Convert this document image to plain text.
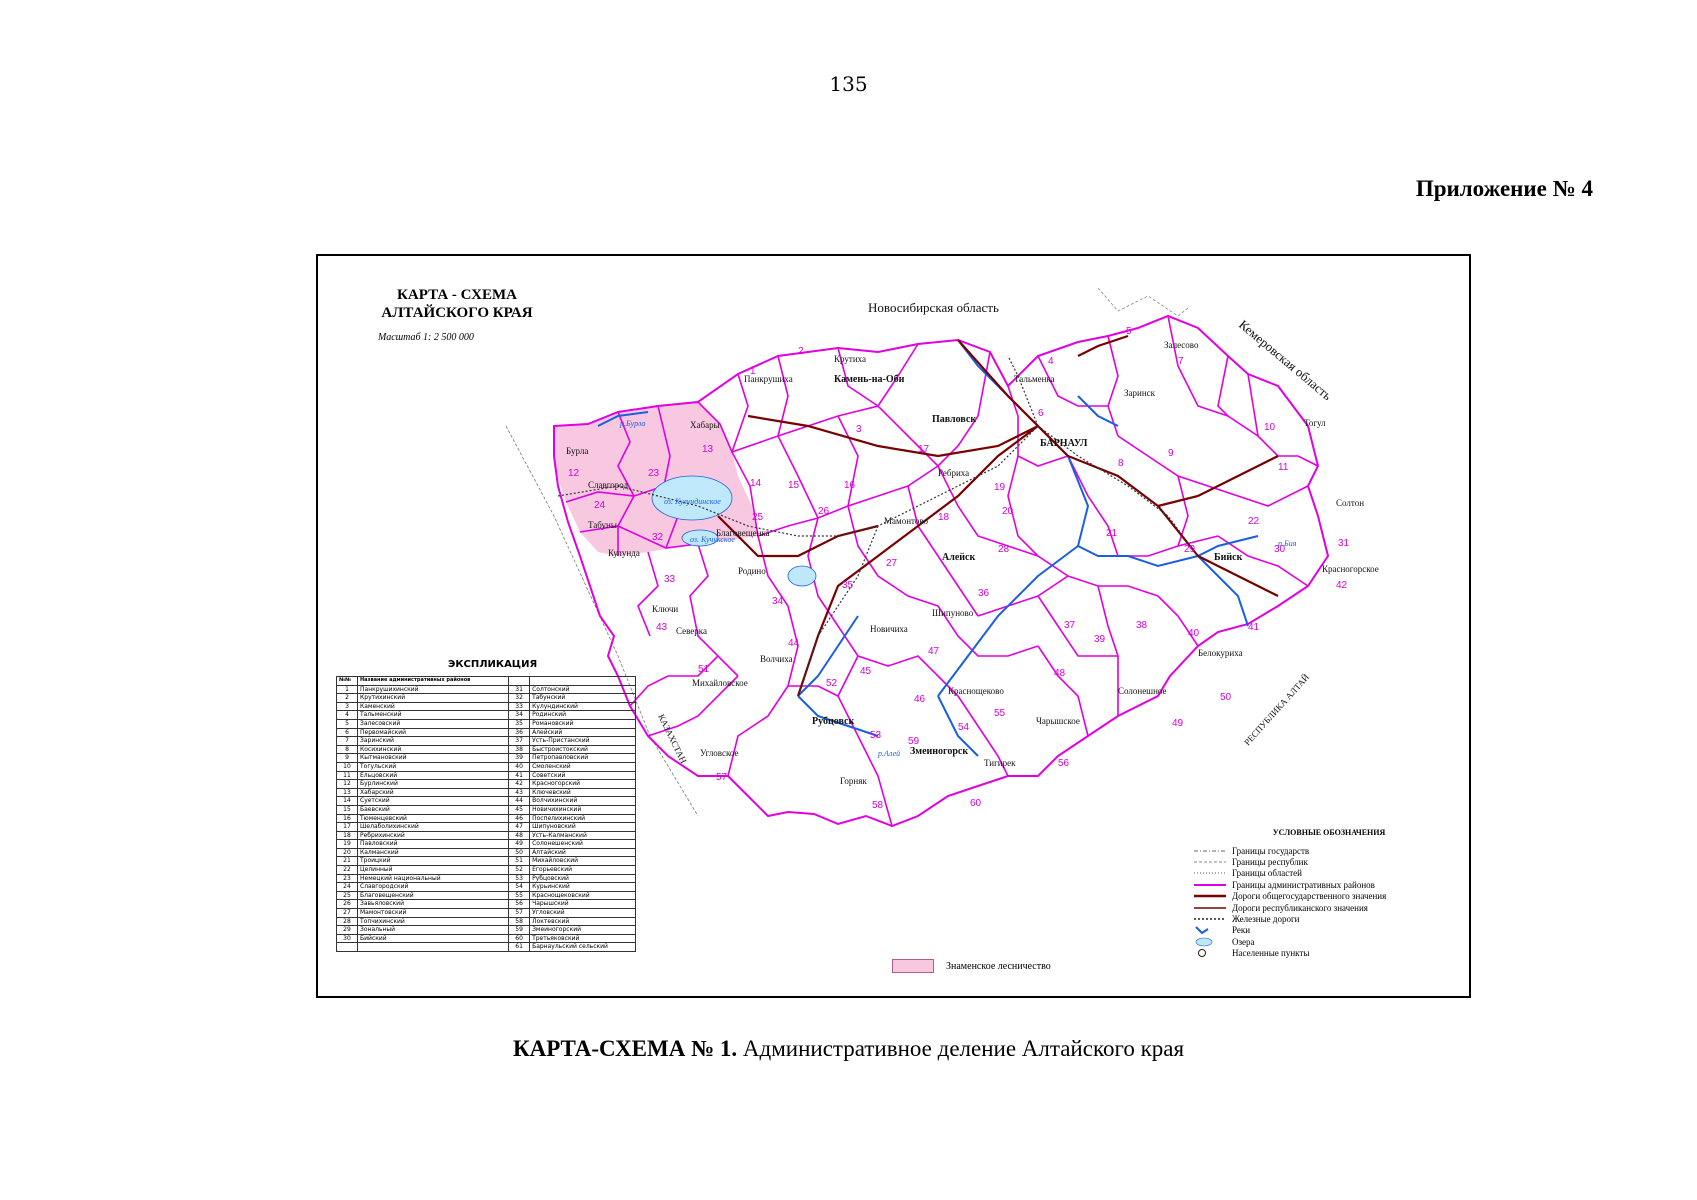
135
Приложение № 4
Новосибирская область
Кемеровская область
РЕСПУБЛИКА АЛТАЙ
КАЗАХСТАН
Камень-на-Оби
Славгород
Павловск
БАРНАУЛ
Алейск	Бийск
Рубцовск
Змеиногорск
Заринск
Крутиха
Панкрушиха
Хабары
Бурла
Табуны
Кулунда
Благовещенка
Родино
Ключи
Северка
Волчиха
Михайловское
Новичиха
Шипуново
Мамонтово
Ребриха
Тальменка
Залесово
Тогул
Солтон
Красногорское
Белокуриха
Солонешное
Чарышское
Краснощеково
Тигирек
Горняк
Угловское
р.Бурла
оз. Кулундинское
оз. Кучукское	р.Бия
р.Алей
1
2
3
4
5
6
7
8
9
10
11
12
13
14	15	16
17
18
19
20
21
22
23
24
25
26
27
28	29	30
31
32
33
34
35
36
37	38
39
40
41
42
43
44
45
46
47
48
49
50
51
52
53
54
55
56
57
58
59
60
КАРТА - СХЕМА
АЛТАЙСКОГО КРАЯ
Масштаб 1: 2 500 000
ЭКСПЛИКАЦИЯ
№№	Название административных районов		
1	Панкрушихинский	31	Солтонский
2	Крутихинский	32	Табунский
3	Каменский	33	Кулундинский
4	Тальменский	34	Родинский
5	Залесовский	35	Романовский
6	Первомайский	36	Алейский
7	Заринский	37	Усть-Пристанский
8	Косихинский	38	Быстроистокский
9	Кытмановский	39	Петропавловский
10	Тогульский	40	Смоленский
11	Ельцовский	41	Советский
12	Бурлинский	42	Красногорский
13	Хабарский	43	Ключевский
14	Суетский	44	Волчихинский
15	Баевский	45	Новичихинский
16	Тюменцевский	46	Поспелихинский
17	Шелаболихинский	47	Шипуновский
18	Ребрихинский	48	Усть-Калманский
19	Павловский	49	Солонешенский
20	Калманский	50	Алтайский
21	Троицкий	51	Михайловский
22	Целинный	52	Егорьевский
23	Немецкий национальный	53	Рубцовский
24	Славгородский	54	Курьинский
25	Благовещенский	55	Краснощековский
26	Завьяловский	56	Чарышский
27	Мамонтовский	57	Угловский
28	Топчихинский	58	Локтевский
29	Зональный	59	Змеиногорский
30	Бийский	60	Третьяковский
		61	Барнаульский сельский
Знаменское лесничество
УСЛОВНЫЕ ОБОЗНАЧЕНИЯ
Границы государств
Границы республик
Границы областей
Границы административных районов
Дороги общегосударственного значения
Дороги республиканского значения
Железные дороги
Реки
Озера
Населенные пункты
КАРТА-СХЕМА № 1. Административное деление Алтайского края
